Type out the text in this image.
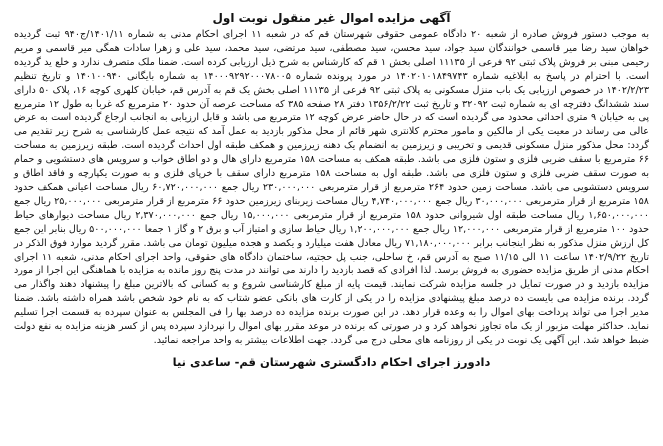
آگهی مزایده اموال غیر منقول نوبت اول

به موجب دستور فروش صادره از شعبه ۲۰ دادگاه عمومی حقوقی شهرستان قم که در شعبه ۱۱ اجرای احکام مدنی به شماره ۱۴۰۱/۱۱/ج۹۴۰ ثبت گردیده خواهان سید رضا میر قاسمی خوانندگان سید جواد، سید محسن، سید مصطفی، سید مرتضی، سید محمد، سید علی و زهرا سادات همگی میر قاسمی و مریم رحیمی مبنی بر فروش پلاک ثبتی ۹۲ فرعی از ۱۱۱۳۵ اصلی بخش ۱ قم که کارشناس به شرح ذیل ارزیابی کرده است. ضمنا ملک متصرف ندارد و خلع ید گردیده است. با احترام در پاسخ به ابلاغیه شماره ۱۴۰۲۰۱۰۱۸۴۹۷۴۳ در مورد پرونده شماره ۱۴۰۰۰۹۲۹۲۰۰۰۷۸۰۰۵ به شماره بایگانی ۱۴۰۱۰۰۹۴۰ و تاریخ تنظیم ۱۴۰۲/۲/۲۳ در خصوص ارزیابی یک باب منزل مسکونی به پلاک ثبتی ۹۲ فرعی از ۱۱۱۳۵ اصلی بخش یک قم به آدرس قم، خیابان کلهری کوچه ۱۶، پلاک ۵۰ دارای سند ششدانگ دفترچه ای به شماره ثبت ۳۲۰۹۲ و تاریخ ثبت ۱۳۵۶/۲/۲۲ دفتر ۲۸ صفحه ۳۸۵ که مساحت عرصه آن حدود ۲۰ مترمربع که غربا به طول ۱۲ مترمربع پی به خیابان ۹ متری احداثی محدود می گردیده است که در حال حاضر عرض کوچه ۱۲ مترمربع می باشد و قابل ارزیابی به انجانب ارجاع گردیده است به عرض عالی می رساند در معیت یکی از مالکین و مامور محترم کلانتری شهر قائم از محل مذکور بازدید به عمل آمد که نتیجه عمل کارشناسی به شرح زیر تقدیم می گردد: محل مذکور منزل مسکونی قدیمی و تخریبی و زیرزمین به انضمام یک دهنه زیرزمین و همکف طبقه اول احداث گردیده است. طبقه زیرزمین به مساحت ۶۶ مترمربع با سقف ضربی فلزی و ستون فلزی می باشد. طبقه همکف به مساحت ۱۵۸ مترمربع دارای هال و دو اطاق خواب و سرویس های دستشویی و حمام به صورت سقف ضربی فلزی و ستون فلزی می باشد. طبقه اول به مساحت ۱۵۸ مترمربع دارای سقف با خرپای فلزی و به صورت یکپارچه و فاقد اطاق و سرویس دستشویی می باشد. مساحت زمین حدود ۲۶۴ مترمربع از قرار مترمربعی ۲۳۰,۰۰۰,۰۰۰ ریال جمع ۶۰,۷۲۰,۰۰۰,۰۰۰ ریال مساحت اعیانی همکف حدود ۱۵۸ مترمربع از قرار مترمربعی ۳۰,۰۰۰,۰۰۰ ریال جمع ۴,۷۴۰,۰۰۰,۰۰۰ ریال مساحت زیربنای زیرزمین حدود ۶۶ مترمربع از قرار مترمربعی ۲۵,۰۰۰,۰۰۰ ریال جمع ۱,۶۵۰,۰۰۰,۰۰۰ ریال مساحت طبقه اول شیروانی حدود ۱۵۸ مترمربع از قرار مترمربعی ۱۵,۰۰۰,۰۰۰ ریال جمع ۲,۳۷۰,۰۰۰,۰۰۰ ریال مساحت دیوارهای حیاط حدود ۱۰۰ مترمربع از قرار مترمربعی ۱۲,۰۰۰,۰۰۰ ریال جمع ۱,۲۰۰,۰۰۰,۰۰۰ ریال حیاط سازی و امتیاز آب و برق ۲ و گاز ۱ جمعا ۵۰۰,۰۰۰,۰۰۰ ریال بنابر این جمع کل ارزش منزل مذکور به نظر اینجانب برابر ۷۱,۱۸۰,۰۰۰,۰۰۰ ریال معادل هفت میلیارد و یکصد و هجده میلیون تومان می باشد. مقرر گردید موارد فوق الذکر در تاریخ ۱۴۰۲/۹/۲۲ ساعت ۱۱ الی ۱۱/۱۵ صبح به آدرس قم، خ ساحلی، جنب پل حجتیه، ساختمان دادگاه های حقوقی، واحد اجرای احکام مدنی، شعبه ۱۱ اجرای احکام مدنی از طریق مزایده حضوری به فروش برسد. لذا افرادی که قصد بازدید را دارند می توانند در مدت پنج روز مانده به مزایده با هماهنگی این اجرا از مورد مزایده بازدید و در صورت تمایل در جلسه مزایده شرکت نمایند. قیمت پایه از مبلغ کارشناسی شروع و به کسانی که بالاترین مبلغ را پیشنهاد دهند واگذار می گردد. برنده مزایده می بایست ده درصد مبلغ پیشنهادی مزایده را در یکی از کارت های بانکی عضو شتاب که به نام خود شخص باشد همراه داشته باشد. ضمنا مدیر اجرا می تواند پرداخت بهای اموال را به وعده قرار دهد. در این صورت برنده مزایده ده درصد بها را فی المجلس به عنوان سپرده به قسمت اجرا تسلیم نماید. حداکثر مهلت مزبور از یک ماه تجاوز نخواهد کرد و در صورتی که برنده در موعد مقرر بهای اموال را نپردازد سپرده پس از کسر هزینه مزایده به نفع دولت ضبط خواهد شد. این آگهی یک نوبت در یکی از روزنامه های محلی درج می گردد. جهت اطلاعات بیشتر به واحد مراجعه نمائید.

دادورز اجرای احکام دادگستری شهرستان قم- ساعدی نیا
